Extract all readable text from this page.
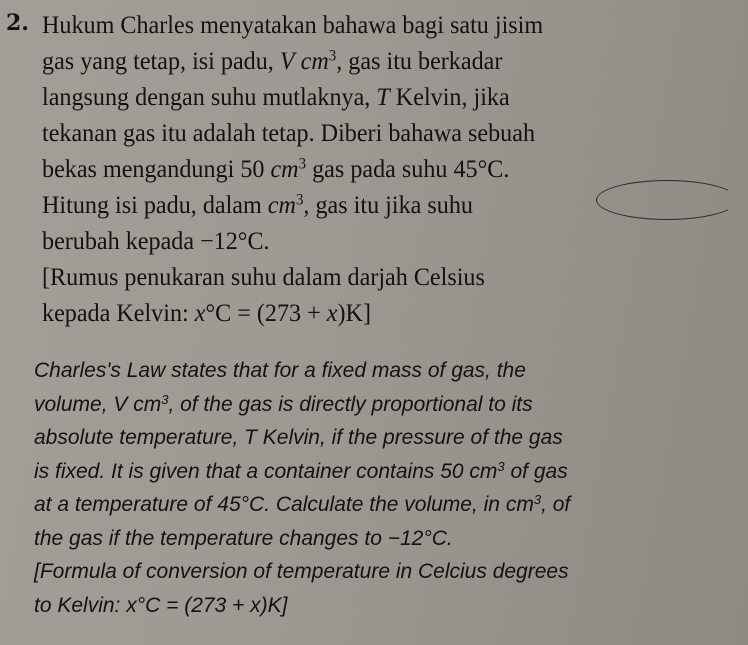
2. Hukum Charles menyatakan bahawa bagi satu jisim
gas yang tetap, isi padu, V $cm^3$, gas itu berkadar
langsung dengan suhu mutlaknya, T Kelvin, jika
tekanan gas itu adalah tetap. Diberi bahawa sebuah
bekas mengandungi 50 $cm^3$ gas pada suhu 45°C.
Hitung isi padu, dalam $cm^3$, gas itu jika suhu
berubah kepada −12°C.
[Rumus penukaran suhu dalam darjah Celsius
kepada Kelvin: x°C = (273 + x)K]
Charles's Law states that for a fixed mass of gas, the
volume, V $cm^3$, of the gas is directly proportional to its
absolute temperature, T Kelvin, if the pressure of the gas
is fixed. It is given that a container contains 50 $cm^3$ of gas
at a temperature of 45°C. Calculate the volume, in $cm^3$, of
the gas if the temperature changes to −12°C.
[Formula of conversion of temperature in Celcius degrees
to Kelvin: x°C = (273 + x)K]
